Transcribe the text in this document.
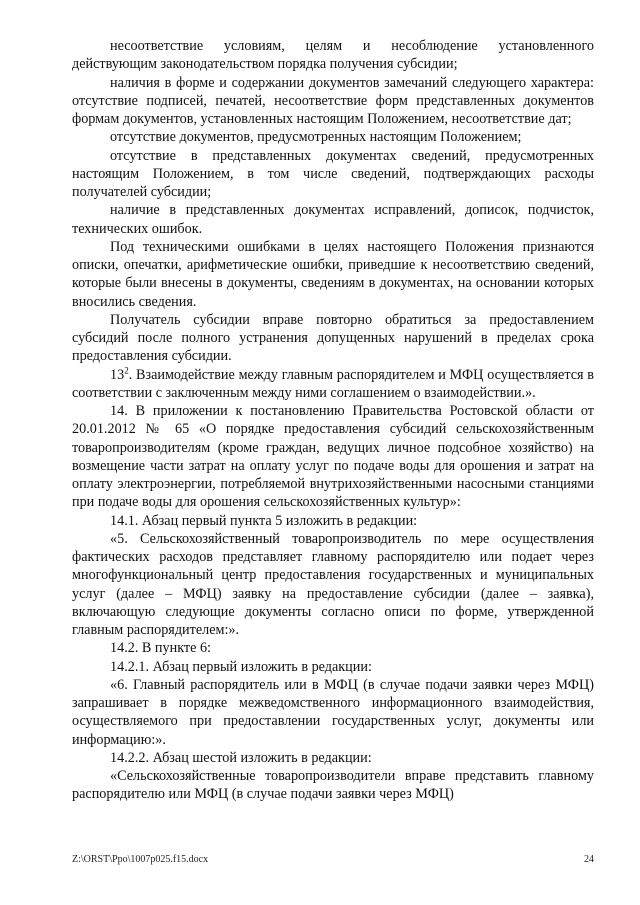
несоответствие условиям, целям и несоблюдение установленного действующим законодательством порядка получения субсидии;

наличия в форме и содержании документов замечаний следующего характера: отсутствие подписей, печатей, несоответствие форм представленных документов формам документов, установленных настоящим Положением, несоответствие дат;

отсутствие документов, предусмотренных настоящим Положением;

отсутствие в представленных документах сведений, предусмотренных настоящим Положением, в том числе сведений, подтверждающих расходы получателей субсидии;

наличие в представленных документах исправлений, дописок, подчисток, технических ошибок.

Под техническими ошибками в целях настоящего Положения признаются описки, опечатки, арифметические ошибки, приведшие к несоответствию сведений, которые были внесены в документы, сведениям в документах, на основании которых вносились сведения.

Получатель субсидии вправе повторно обратиться за предоставлением субсидий после полного устранения допущенных нарушений в пределах срока предоставления субсидии.

$13^2$. Взаимодействие между главным распорядителем и МФЦ осуществляется в соответствии с заключенным между ними соглашением о взаимодействии.».

14. В приложении к постановлению Правительства Ростовской области от 20.01.2012 № 65 «О порядке предоставления субсидий сельскохозяйственным товаропроизводителям (кроме граждан, ведущих личное подсобное хозяйство) на возмещение части затрат на оплату услуг по подаче воды для орошения и затрат на оплату электроэнергии, потребляемой внутрихозяйственными насосными станциями при подаче воды для орошения сельскохозяйственных культур»:

14.1. Абзац первый пункта 5 изложить в редакции:

«5. Сельскохозяйственный товаропроизводитель по мере осуществления фактических расходов представляет главному распорядителю или подает через многофункциональный центр предоставления государственных и муниципальных услуг (далее – МФЦ) заявку на предоставление субсидии (далее – заявка), включающую следующие документы согласно описи по форме, утвержденной главным распорядителем:».

14.2. В пункте 6:

14.2.1. Абзац первый изложить в редакции:

«6. Главный распорядитель или в МФЦ (в случае подачи заявки через МФЦ) запрашивает в порядке межведомственного информационного взаимодействия, осуществляемого при предоставлении государственных услуг, документы или информацию:».

14.2.2. Абзац шестой изложить в редакции:

«Сельскохозяйственные товаропроизводители вправе представить главному распорядителю или МФЦ (в случае подачи заявки через МФЦ)

Z:\ORST\Ppo\1007p025.f15.docx	24
